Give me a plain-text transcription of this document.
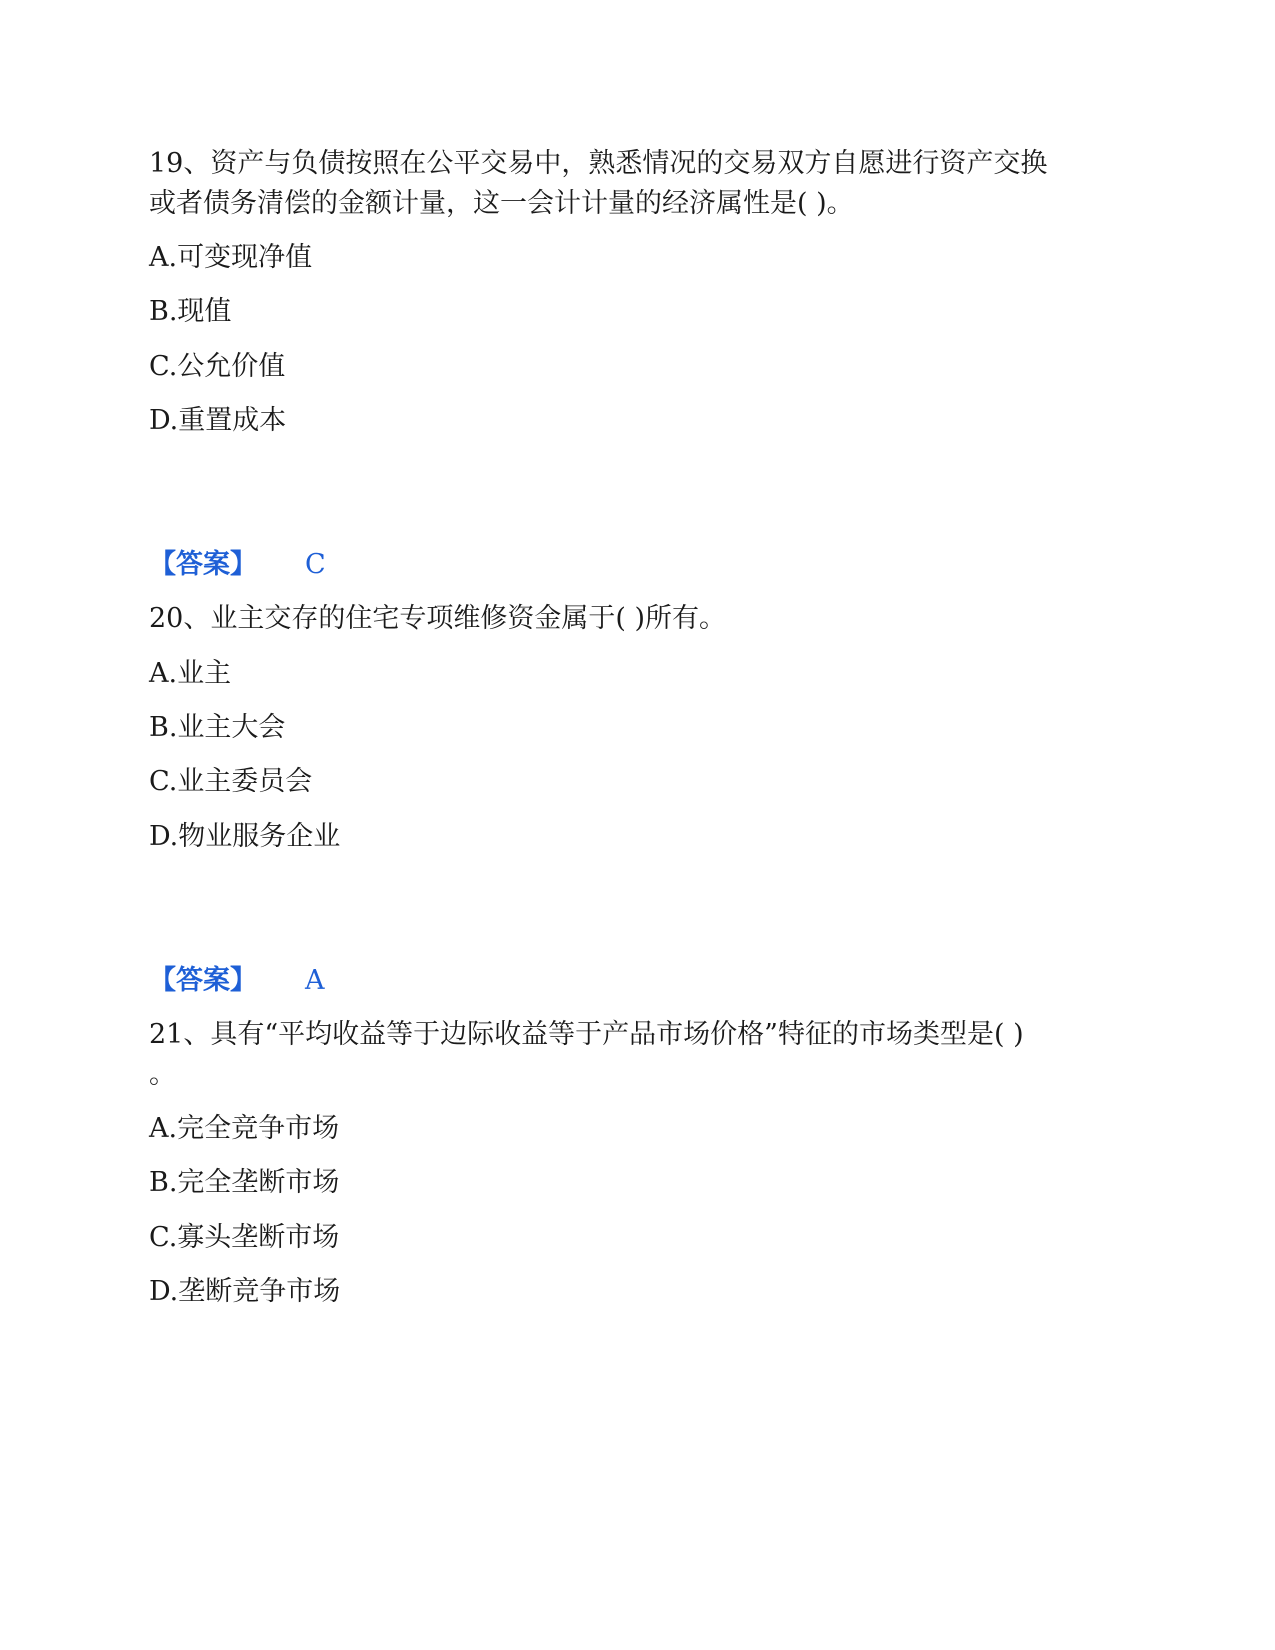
19、资产与负债按照在公平交易中，熟悉情况的交易双方自愿进行资产交换
或者债务清偿的金额计量，这一会计计量的经济属性是( )。
A.可变现净值
B.现值
C.公允价值
D.重置成本
【答案】 C
20、业主交存的住宅专项维修资金属于( )所有。
A.业主
B.业主大会
C.业主委员会
D.物业服务企业
【答案】 A
21、具有“平均收益等于边际收益等于产品市场价格”特征的市场类型是( )
。
A.完全竞争市场
B.完全垄断市场
C.寡头垄断市场
D.垄断竞争市场
